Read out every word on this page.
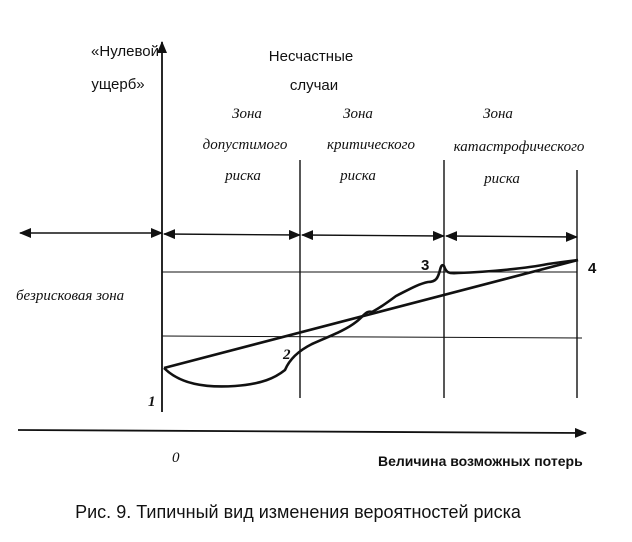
«Нулевой
ущерб»
Несчастные
случаи
Зона
допустимого
риска
Зона
критического
риска
Зона
катастрофического
риска
безрисковая зона
1
2
3	4
0	Величина возможных потерь
Рис. 9. Типичный вид изменения вероятностей риска
